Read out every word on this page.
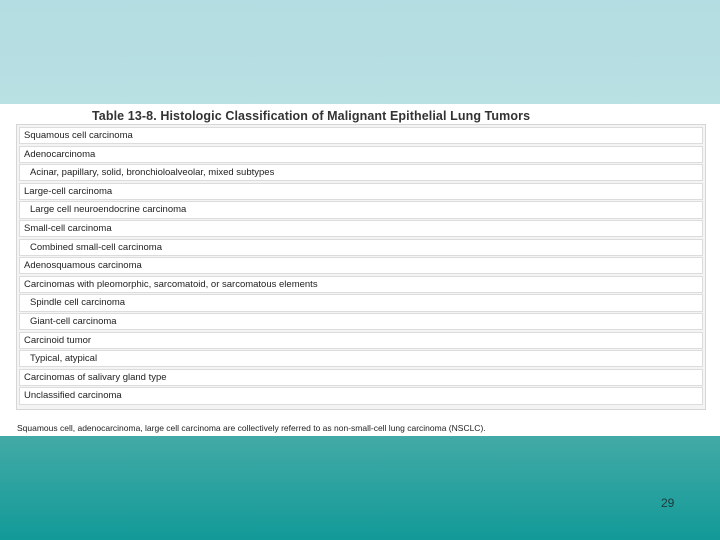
Table 13-8. Histologic Classification of Malignant Epithelial Lung Tumors
Squamous cell carcinoma
Adenocarcinoma
Acinar, papillary, solid, bronchioloalveolar, mixed subtypes
Large-cell carcinoma
Large cell neuroendocrine carcinoma
Small-cell carcinoma
Combined small-cell carcinoma
Adenosquamous carcinoma
Carcinomas with pleomorphic, sarcomatoid, or sarcomatous elements
Spindle cell carcinoma
Giant-cell carcinoma
Carcinoid tumor
Typical, atypical
Carcinomas of salivary gland type
Unclassified carcinoma
Squamous cell, adenocarcinoma, large cell carcinoma are collectively referred to as non-small-cell lung carcinoma (NSCLC).
29
